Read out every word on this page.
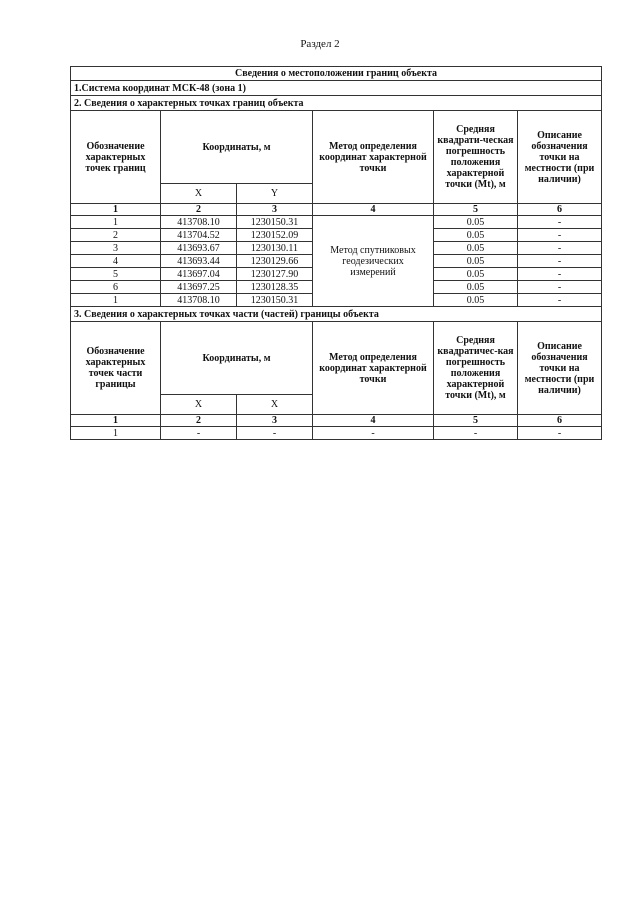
Раздел 2
Сведения о местоположении границ объекта					
1.Система координат МСК-48 (зона 1)					
2. Сведения о характерных точках границ объекта					
Обозначение характерных точек границ	Координаты, м		Метод определения координат характерной точки	Средняя квадрати-ческая погрешность положения характерной точки (Mt), м	Описание обозначения точки на местности (при наличии)
	X	Y			
1	2	3	4	5	6
1	413708.10	1230150.31	Метод спутниковых геодезических измерений	0.05	-
2	413704.52	1230152.09		0.05	-
3	413693.67	1230130.11		0.05	-
4	413693.44	1230129.66		0.05	-
5	413697.04	1230127.90		0.05	-
6	413697.25	1230128.35		0.05	-
1	413708.10	1230150.31		0.05	-
3. Сведения о характерных точках части (частей) границы объекта					
Обозначение характерных точек части границы	Координаты, м		Метод определения координат характерной точки	Средняя квадратичес-кая погрешность положения характерной точки (Mt), м	Описание обозначения точки на местности (при наличии)
	X	X			
1	2	3	4	5	6
1	-	-	-	-	-
